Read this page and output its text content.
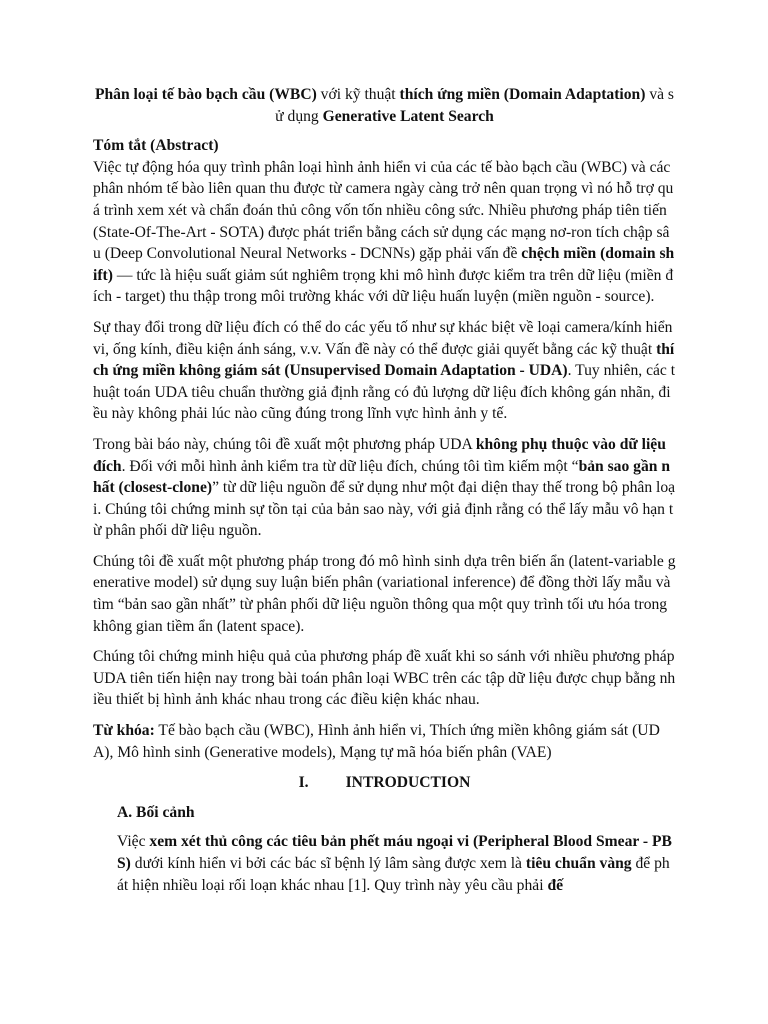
Phân loại tế bào bạch cầu (WBC) với kỹ thuật thích ứng miền (Domain Adaptation) và sử dụng Generative Latent Search

Tóm tắt (Abstract)

Việc tự động hóa quy trình phân loại hình ảnh hiển vi của các tế bào bạch cầu (WBC) và các phân nhóm tế bào liên quan thu được từ camera ngày càng trở nên quan trọng vì nó hỗ trợ quá trình xem xét và chẩn đoán thủ công vốn tốn nhiều công sức. Nhiều phương pháp tiên tiến (State-Of-The-Art - SOTA) được phát triển bằng cách sử dụng các mạng nơ-ron tích chập sâu (Deep Convolutional Neural Networks - DCNNs) gặp phải vấn đề chệch miền (domain shift) — tức là hiệu suất giảm sút nghiêm trọng khi mô hình được kiểm tra trên dữ liệu (miền đích - target) thu thập trong môi trường khác với dữ liệu huấn luyện (miền nguồn - source).

Sự thay đổi trong dữ liệu đích có thể do các yếu tố như sự khác biệt về loại camera/kính hiển vi, ống kính, điều kiện ánh sáng, v.v. Vấn đề này có thể được giải quyết bằng các kỹ thuật thích ứng miền không giám sát (Unsupervised Domain Adaptation - UDA). Tuy nhiên, các thuật toán UDA tiêu chuẩn thường giả định rằng có đủ lượng dữ liệu đích không gán nhãn, điều này không phải lúc nào cũng đúng trong lĩnh vực hình ảnh y tế.

Trong bài báo này, chúng tôi đề xuất một phương pháp UDA không phụ thuộc vào dữ liệu đích. Đối với mỗi hình ảnh kiểm tra từ dữ liệu đích, chúng tôi tìm kiếm một “bản sao gần nhất (closest-clone)” từ dữ liệu nguồn để sử dụng như một đại diện thay thế trong bộ phân loại. Chúng tôi chứng minh sự tồn tại của bản sao này, với giả định rằng có thể lấy mẫu vô hạn từ phân phối dữ liệu nguồn.

Chúng tôi đề xuất một phương pháp trong đó mô hình sinh dựa trên biến ẩn (latent-variable generative model) sử dụng suy luận biến phân (variational inference) để đồng thời lấy mẫu và tìm “bản sao gần nhất” từ phân phối dữ liệu nguồn thông qua một quy trình tối ưu hóa trong không gian tiềm ẩn (latent space).

Chúng tôi chứng minh hiệu quả của phương pháp đề xuất khi so sánh với nhiều phương pháp UDA tiên tiến hiện nay trong bài toán phân loại WBC trên các tập dữ liệu được chụp bằng nhiều thiết bị hình ảnh khác nhau trong các điều kiện khác nhau.

Từ khóa: Tế bào bạch cầu (WBC), Hình ảnh hiển vi, Thích ứng miền không giám sát (UDA), Mô hình sinh (Generative models), Mạng tự mã hóa biến phân (VAE)

I. INTRODUCTION

A. Bối cảnh

Việc xem xét thủ công các tiêu bản phết máu ngoại vi (Peripheral Blood Smear - PBS) dưới kính hiển vi bởi các bác sĩ bệnh lý lâm sàng được xem là tiêu chuẩn vàng để phát hiện nhiều loại rối loạn khác nhau [1]. Quy trình này yêu cầu phải đế
